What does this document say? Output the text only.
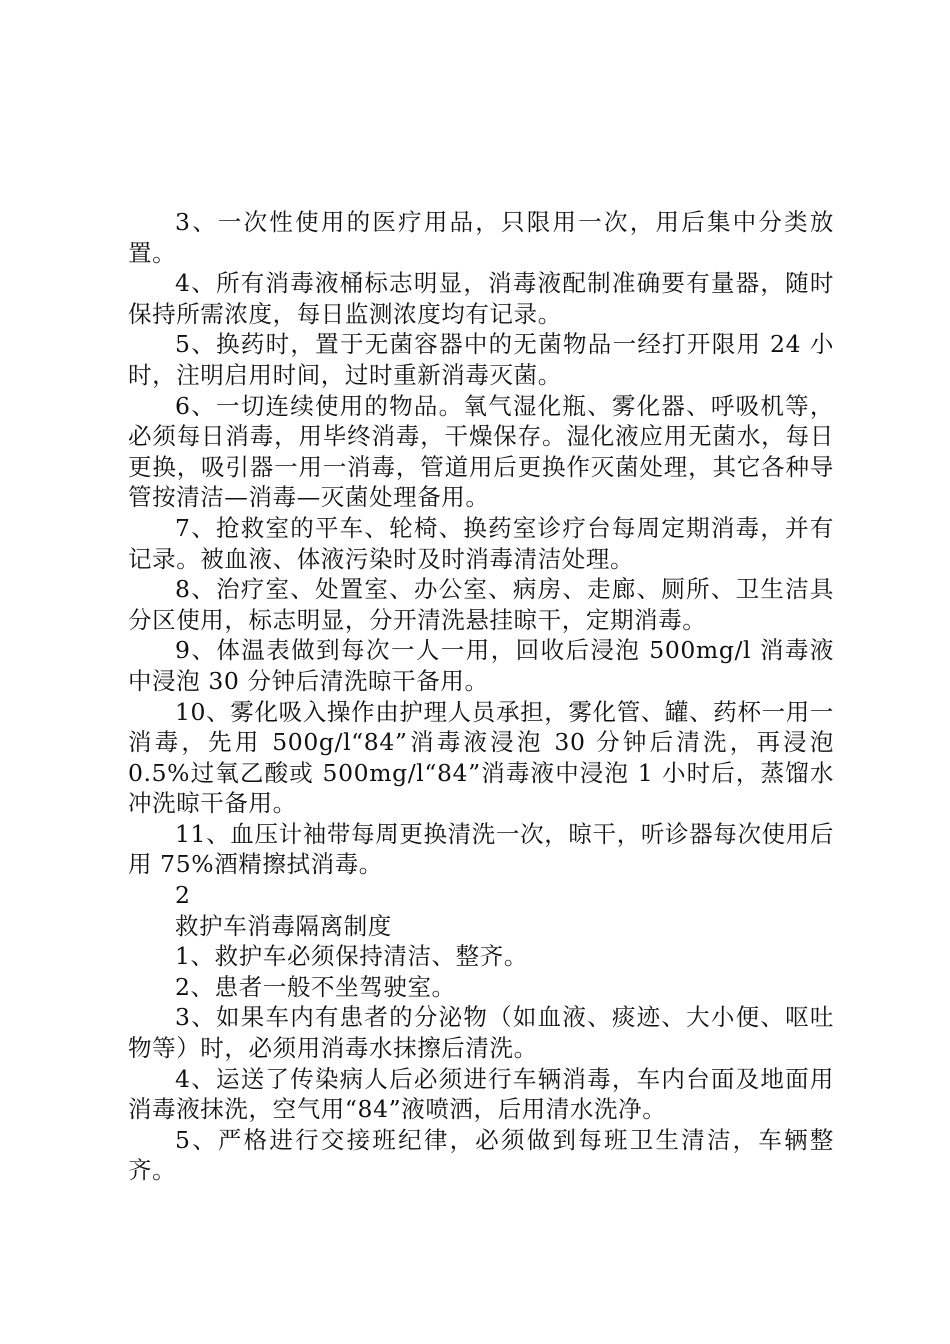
3、一次性使用的医疗用品，只限用一次，用后集中分类放置。

4、所有消毒液桶标志明显，消毒液配制准确要有量器，随时保持所需浓度，每日监测浓度均有记录。

5、换药时，置于无菌容器中的无菌物品一经打开限用 24 小时，注明启用时间，过时重新消毒灭菌。

6、一切连续使用的物品。氧气湿化瓶、雾化器、呼吸机等，必须每日消毒，用毕终消毒，干燥保存。湿化液应用无菌水，每日更换，吸引器一用一消毒，管道用后更换作灭菌处理，其它各种导管按清洁—消毒—灭菌处理备用。

7、抢救室的平车、轮椅、换药室诊疗台每周定期消毒，并有记录。被血液、体液污染时及时消毒清洁处理。

8、治疗室、处置室、办公室、病房、走廊、厕所、卫生洁具分区使用，标志明显，分开清洗悬挂晾干，定期消毒。

9、体温表做到每次一人一用，回收后浸泡 500mg/l 消毒液中浸泡 30 分钟后清洗晾干备用。

10、雾化吸入操作由护理人员承担，雾化管、罐、药杯一用一消毒，先用 500g/l“84”消毒液浸泡 30 分钟后清洗，再浸泡 0.5%过氧乙酸或 500mg/l“84”消毒液中浸泡 1 小时后，蒸馏水冲洗晾干备用。

11、血压计袖带每周更换清洗一次，晾干，听诊器每次使用后用 75%酒精擦拭消毒。

2

救护车消毒隔离制度

1、救护车必须保持清洁、整齐。

2、患者一般不坐驾驶室。

3、如果车内有患者的分泌物（如血液、痰迹、大小便、呕吐物等）时，必须用消毒水抹擦后清洗。

4、运送了传染病人后必须进行车辆消毒，车内台面及地面用消毒液抹洗，空气用“84”液喷洒，后用清水洗净。

5、严格进行交接班纪律，必须做到每班卫生清洁，车辆整齐。
